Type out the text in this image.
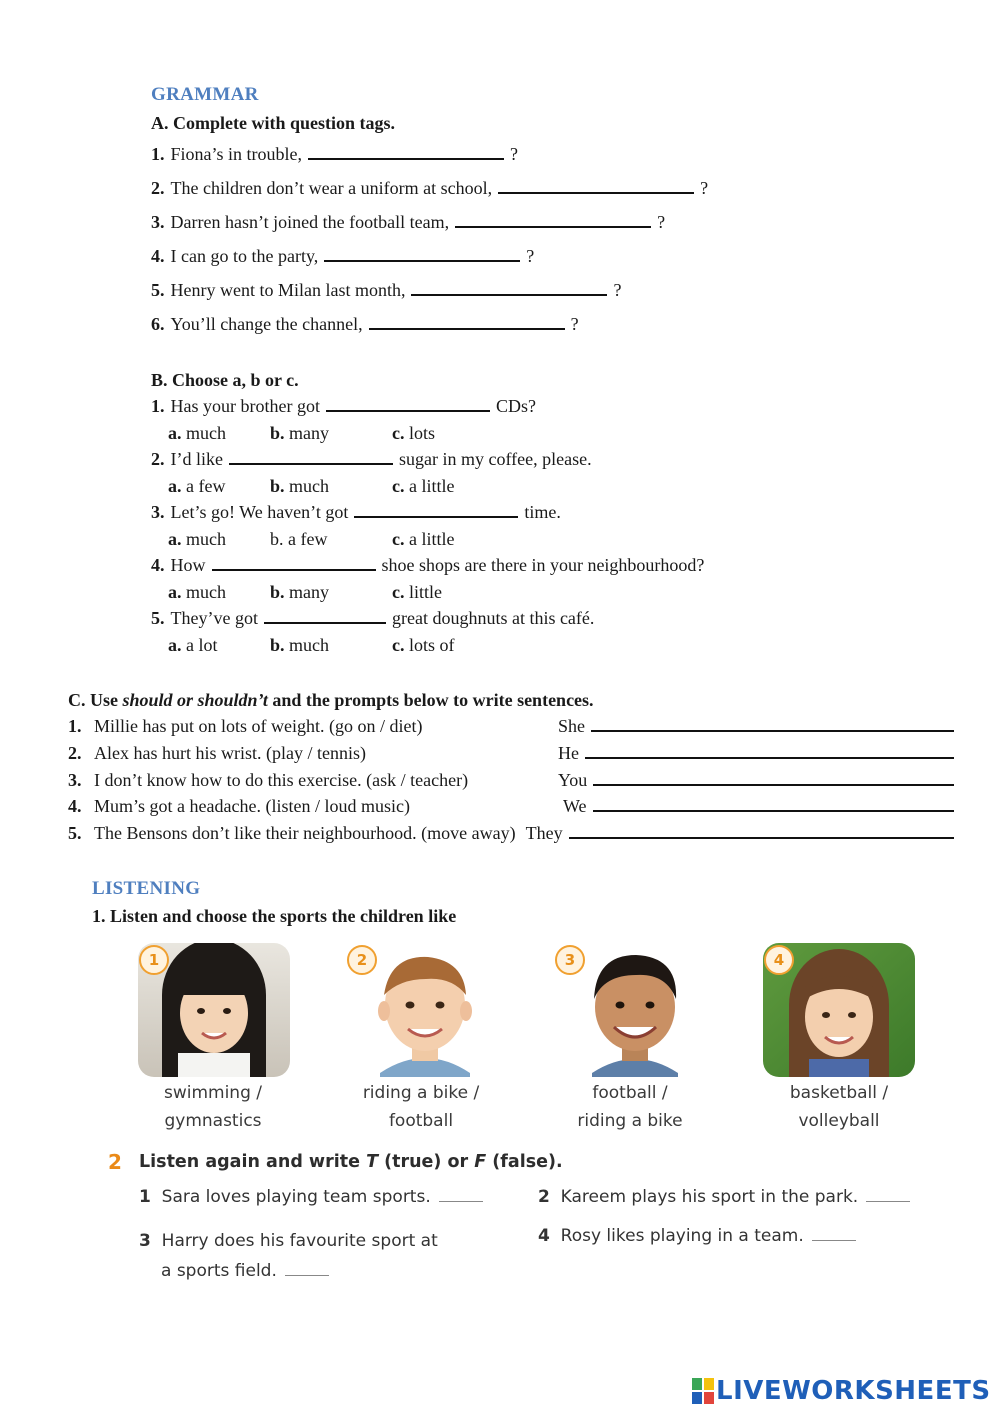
GRAMMAR
A. Complete with question tags.
1. Fiona’s in trouble,	?
2. The children don’t wear a uniform at school,	?
3. Darren hasn’t joined the football team,	?
4. I can go to the party,	?
5. Henry went to Milan last month,	?
6. You’ll change the channel,	?
B. Choose a, b or c.
1. Has your brother got	CDs?
a. much	b. many	c. lots
2. I’d like	sugar in my coffee, please.
a. a few	b. much	c. a little
3. Let’s go! We haven’t got	time.
a. much	b. a few	c. a little
4. How	shoe shops are there in your neighbourhood?
a. much	b. many	c. little
5. They’ve got	great doughnuts at this café.
a. a lot	b. much	c. lots of
C. Use should or shouldn’t and the prompts below to write sentences.
1. Millie has put on lots of weight. (go on / diet)	She
2. Alex has hurt his wrist. (play / tennis)	He
3. I don’t know how to do this exercise. (ask / teacher)	You
4. Mum’s got a headache. (listen / loud music)	We
5. The Bensons don’t like their neighbourhood. (move away) They
LISTENING
1. Listen and choose the sports the children like
1	2	3	4
swimming /
gymnastics
riding a bike /
football
football /
riding a bike
basketball /
volleyball
2 Listen again and write T (true) or F (false).
1 Sara loves playing team sports.	2 Kareem plays his sport in the park.
3 Harry does his favourite sport at
a sports field.
4 Rosy likes playing in a team.
LIVEWORKSHEETS
